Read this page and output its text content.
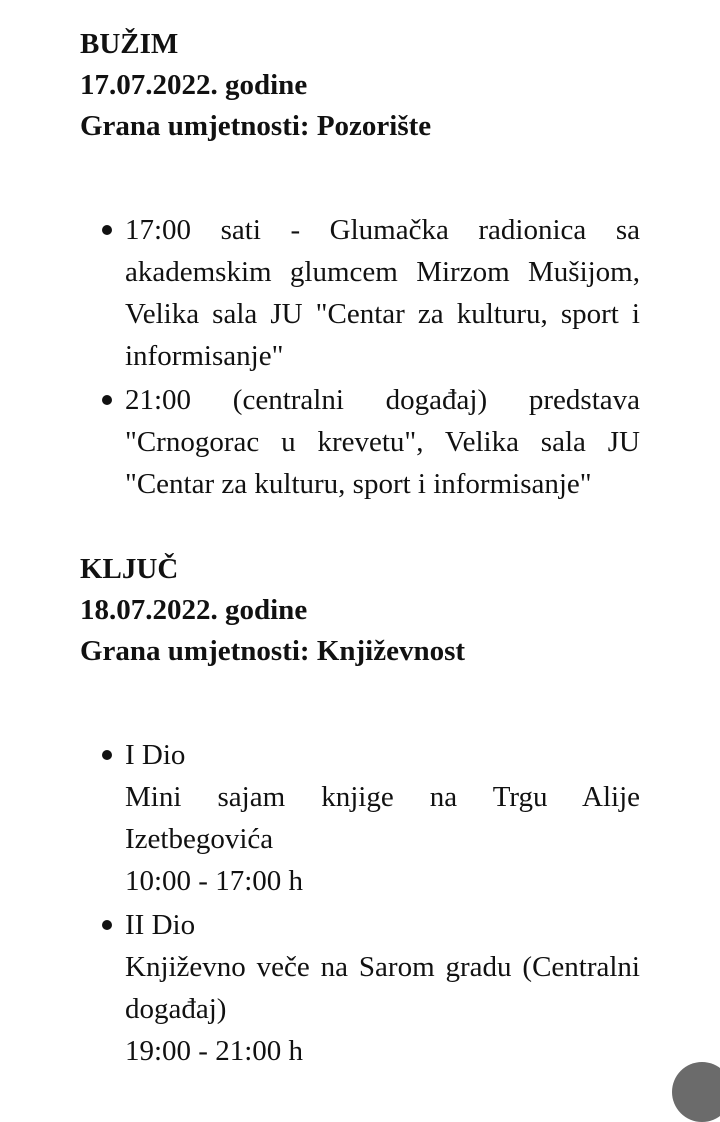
BUŽIM
17.07.2022. godine
Grana umjetnosti: Pozorište
17:00 sati - Glumačka radionica sa akademskim glumcem Mirzom Mušijom, Velika sala JU "Centar za kulturu, sport i informisanje"
21:00 (centralni događaj) predstava "Crnogorac u krevetu", Velika sala JU "Centar za kulturu, sport i informisanje"
KLJUČ
18.07.2022. godine
Grana umjetnosti: Književnost
I Dio
Mini sajam knjige na Trgu Alije Izetbegovića
10:00 - 17:00 h
II Dio
Književno veče na Sarom gradu (Centralni događaj)
19:00 - 21:00 h
